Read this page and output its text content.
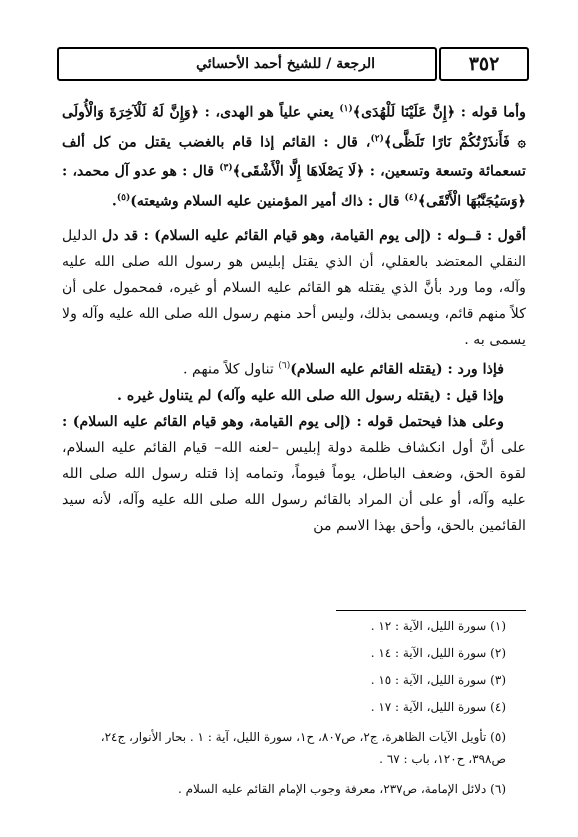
٣٥٢
الرجعة / للشيخ أحمد الأحسائي

وأما قوله : ﴿إِنَّ عَلَيْنَا لَلْهُدَى﴾$^{(١)}$ يعني علياً هو الهدى، : ﴿وَإِنَّ لَهُ لَلْآخِرَةَ وَالْأُولَى ۞ فَأَنذَرْتُكُمْ نَارًا تَلَظَّى﴾$^{(٢)}$، قال : القائم إذا قام بالغضب يقتل من كل ألف تسعمائة وتسعة وتسعين، : ﴿لَا يَصْلَاهَا إِلَّا الْأَشْقَى﴾$^{(٣)}$ قال : هو عدو آل محمد، : ﴿وَسَيُجَنَّبُهَا الْأَتْقَى﴾$^{(٤)}$ قال : ذاك أمير المؤمنين عليه السلام وشيعته)$^{(٥)}$.

أقول : قــوله : (إلى يوم القيامة، وهو قيام القائم عليه السلام) : قد دل الدليل النقلي المعتضد بالعقلي، أن الذي يقتل إبليس هو رسول الله صلى الله عليه وآله، وما ورد بأنَّ الذي يقتله هو القائم عليه السلام أو غيره، فمحمول على أن كلاً منهم قائم، ويسمى بذلك، وليس أحد منهم رسول الله صلى الله عليه وآله ولا يسمى به .

فإذا ورد : (يقتله القائم عليه السلام)$^{(٦)}$ تناول كلاً منهم .

وإذا قيل : (يقتله رسول الله صلى الله عليه وآله) لم يتناول غيره .

وعلى هذا فيحتمل قوله : (إلى يوم القيامة، وهو قيام القائم عليه السلام) : على أنَّ أول انكشاف ظلمة دولة إبليس –لعنه الله– قيام القائم عليه السلام، لقوة الحق، وضعف الباطل، يوماً فيوماً، وتمامه إذا قتله رسول الله صلى الله عليه وآله، أو على أن المراد بالقائم رسول الله صلى الله عليه وآله، لأنه سيد القائمين بالحق، وأحق بهذا الاسم من

(١) سورة الليل، الآية : ١٢ .

(٢) سورة الليل، الآية : ١٤ .

(٣) سورة الليل، الآية : ١٥ .

(٤) سورة الليل، الآية : ١٧ .

(٥) تأويل الآيات الظاهرة، ج٢، ص٨٠٧، ح١، سورة الليل، آية : ١ . بحار الأنوار، ج٢٤، ص٣٩٨، ح١٢٠، باب : ٦٧ .

(٦) دلائل الإمامة، ص٢٣٧، معرفة وجوب الإمام القائم عليه السلام .
